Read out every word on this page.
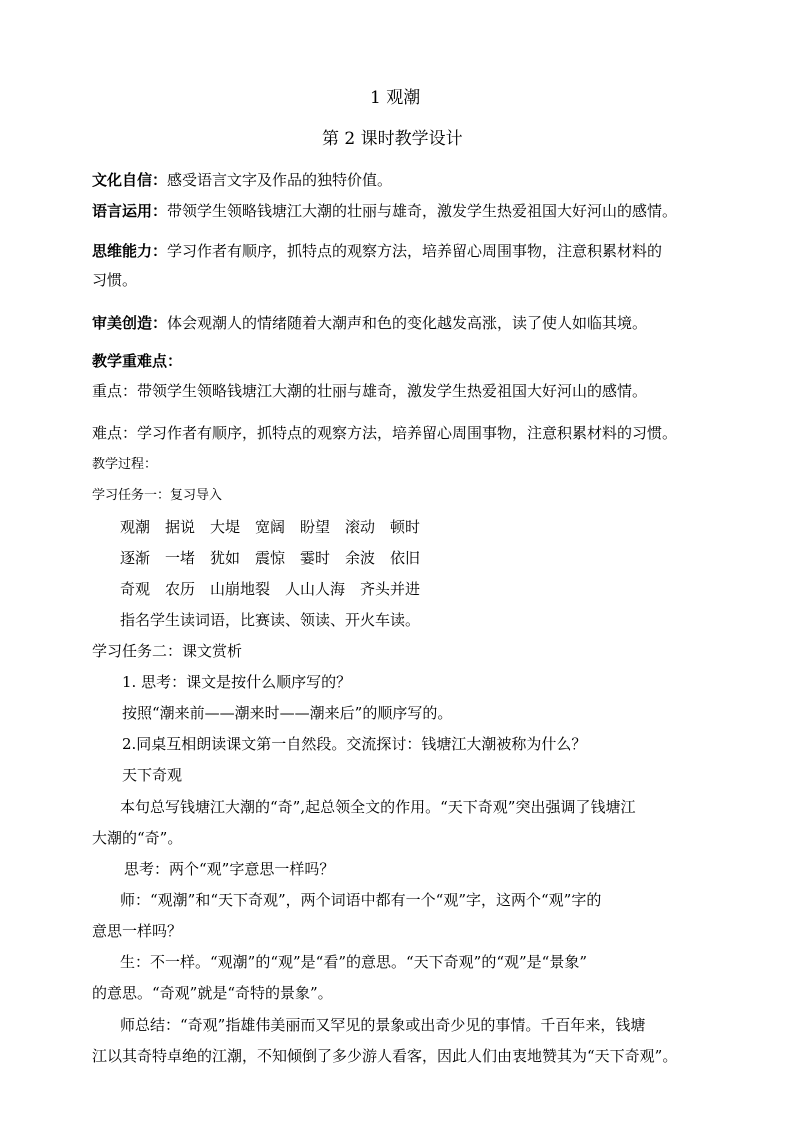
1 观潮
第 2 课时教学设计
文化自信：感受语言文字及作品的独特价值。
语言运用：带领学生领略钱塘江大潮的壮丽与雄奇，激发学生热爱祖国大好河山的感情。
思维能力：学习作者有顺序，抓特点的观察方法，培养留心周围事物，注意积累材料的
习惯。
审美创造：体会观潮人的情绪随着大潮声和色的变化越发高涨，读了使人如临其境。
教学重难点：
重点：带领学生领略钱塘江大潮的壮丽与雄奇，激发学生热爱祖国大好河山的感情。
难点：学习作者有顺序，抓特点的观察方法，培养留心周围事物，注意积累材料的习惯。
教学过程：
学习任务一：复习导入
观潮　据说　大堤　宽阔　盼望　滚动　顿时
逐渐　一堵　犹如　震惊　霎时　余波　依旧
奇观　农历　山崩地裂　人山人海　齐头并进
指名学生读词语，比赛读、领读、开火车读。
学习任务二：课文赏析
1. 思考：课文是按什么顺序写的？
按照“潮来前——潮来时——潮来后”的顺序写的。
2.同桌互相朗读课文第一自然段。交流探讨：钱塘江大潮被称为什么？
天下奇观
本句总写钱塘江大潮的“奇”,起总领全文的作用。“天下奇观”突出强调了钱塘江
大潮的“奇”。
思考：两个“观”字意思一样吗？
师：“观潮”和“天下奇观”，两个词语中都有一个“观”字，这两个“观”字的
意思一样吗？
生：不一样。“观潮”的“观”是“看”的意思。“天下奇观”的“观”是“景象”
的意思。“奇观”就是“奇特的景象”。
师总结：“奇观”指雄伟美丽而又罕见的景象或出奇少见的事情。千百年来，钱塘
江以其奇特卓绝的江潮，不知倾倒了多少游人看客，因此人们由衷地赞其为“天下奇观”。
